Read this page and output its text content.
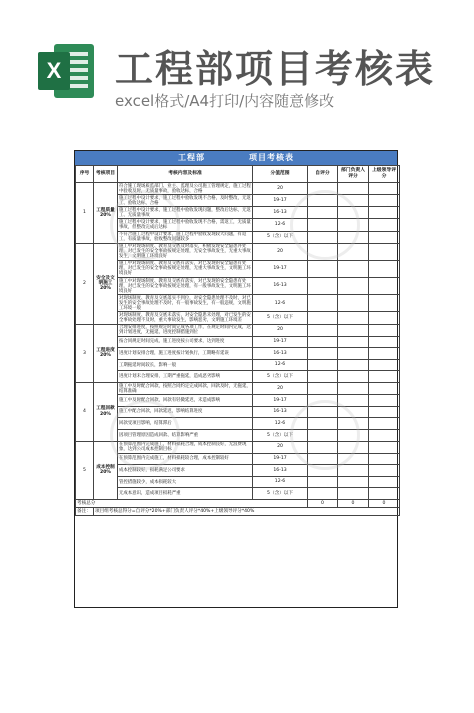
X 工程部项目考核表
excel格式/A4打印/内容随意修改
工程部	项目考核表
序号	考核项目	考核内容及标准	分值范围	自评分	部门负责人评分	上级领导评分
1	工程质量 20%	符合施工现场质监部门、业主、监理及公司施工管理规定，施工过程中验收及时，无质量事故，验收达标，合格	20			
		施工过程中设计要求，施工过程中验收发现不合格，及时整改，无返工、验收达标，合格	19-17			
		施工过程中设计要求，施工过程中验收发现问题，整改后达标，无返工、无质量事故	16-13			
		施工过程中设计要求，施工过程中验收发现不合格，需返工，无质量事故，但整改完成后达标	12-6			
		不符合施工过程中设计要求，施工过程中验收发现较大问题，有返工，有质量事故，验收整改问题较多	5（含）以下			
2	安全及文明施工 20%	施工中对现场制度、教育及交底及时落实，积极发现安全隐患并处理，对已发生的安全事故按规定处理，无安全事故发生，无重大事故发生，文明施工环境良好	20			
		施工中对现场制度、教育及交底有落实，对已发现的安全隐患有处理，对已发生的安全事故按规定处理，无重大事故发生，文明施工环境良好	19-17			
		施工中对现场制度、教育及交底有落实，对已发现的安全隐患有处理，对已发生的安全事故按规定处理，有一般事故发生，文明施工环境良好	16-13			
		对现场制度、教育及交底落实不到位，对安全隐患处理不及时，对已发生的安全事故处理不及时，有一般事故发生，有一般违规，文明施工环境一般	12-6			
		对现场制度、教育及交底未落实，对安全隐患未处理，对已发生的安全事故处理不及时，重大事故发生，影响恶劣，文明施工环境差	5（含）以下			
3	工程进度 20%	合理安排进度，按照规定时间完成各项工作，在规定时间内完成，达到计划进度，无拖延，进度控制措施到位	20			
		按合同规定时间完成，施工进度按公司要求，达到进度	19-17			
		进度计划安排合理，施工进度按计划执行，工期略有延误	16-13			
		工期拖延时间较长，影响一般	12-6			
		进度计划未合理安排，工期严重拖延，造成恶劣影响	5（含）以下			
4	工程回款 20%	施工中及时配合回款，按照合同约定完成回款，回款及时，无拖延，结算准确	20			
		施工中及时配合回款，回款有轻微延迟，未造成影响	19-17			
		施工中配合回款，回款延迟，影响结算进度	16-13			
		回款受项目影响，结算滞后	12-6			
		因项目管理原因造成回款、结算影响严重	5（含）以下			
5	成本控制 20%	在预算范围内完成施工，材料损耗合理，成本控制良好，无浪费现象，达到公司成本控制目标	20			
		在预算范围内完成施工，材料损耗较合理，成本控制较好	19-17			
		成本控制较好，损耗满足公司要求	16-13			
		管控措施较少，成本损耗较大	12-6			
		无成本意识，造成项目损耗严重	5（含）以下			
考核总分				0	0	0
备注：	项目组考核总得分=自评分*20%+部门负责人评分*40%+上级领导评分*40%					
